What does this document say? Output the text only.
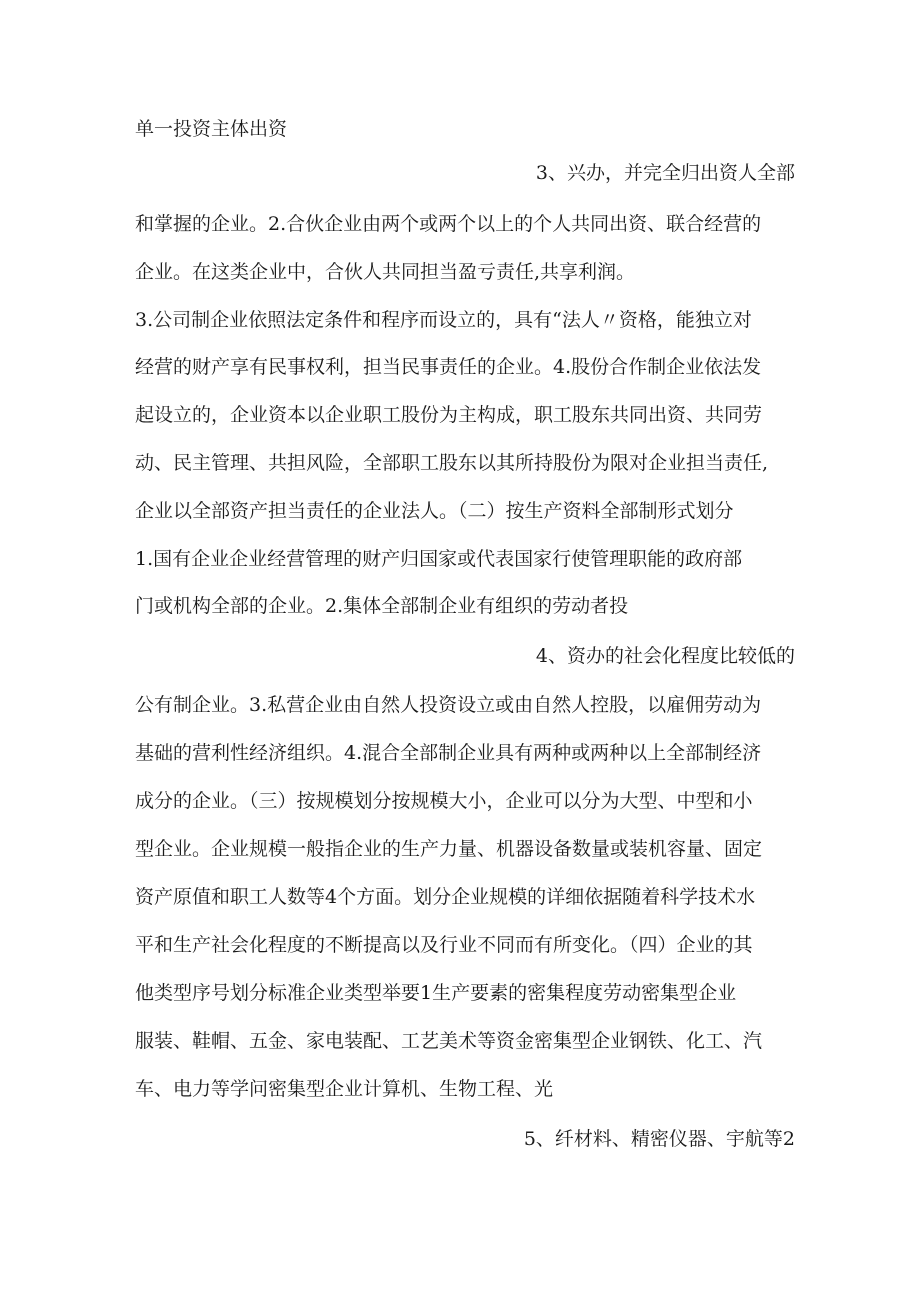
单一投资主体出资
3、兴办，并完全归出资人全部
和掌握的企业。2.合伙企业由两个或两个以上的个人共同出资、联合经营的
企业。在这类企业中，合伙人共同担当盈亏责任,共享利润。
3.公司制企业依照法定条件和程序而设立的，具有“法人〃资格，能独立对
经营的财产享有民事权利，担当民事责任的企业。4.股份合作制企业依法发
起设立的，企业资本以企业职工股份为主构成，职工股东共同出资、共同劳
动、民主管理、共担风险，全部职工股东以其所持股份为限对企业担当责任,
企业以全部资产担当责任的企业法人。（二）按生产资料全部制形式划分
1.国有企业企业经营管理的财产归国家或代表国家行使管理职能的政府部
门或机构全部的企业。2.集体全部制企业有组织的劳动者投
4、资办的社会化程度比较低的
公有制企业。3.私营企业由自然人投资设立或由自然人控股，以雇佣劳动为
基础的营利性经济组织。4.混合全部制企业具有两种或两种以上全部制经济
成分的企业。（三）按规模划分按规模大小，企业可以分为大型、中型和小
型企业。企业规模一般指企业的生产力量、机器设备数量或装机容量、固定
资产原值和职工人数等4个方面。划分企业规模的详细依据随着科学技术水
平和生产社会化程度的不断提高以及行业不同而有所变化。（四）企业的其
他类型序号划分标准企业类型举要1生产要素的密集程度劳动密集型企业
服装、鞋帽、五金、家电装配、工艺美术等资金密集型企业钢铁、化工、汽
车、电力等学问密集型企业计算机、生物工程、光
5、纤材料、精密仪器、宇航等2
